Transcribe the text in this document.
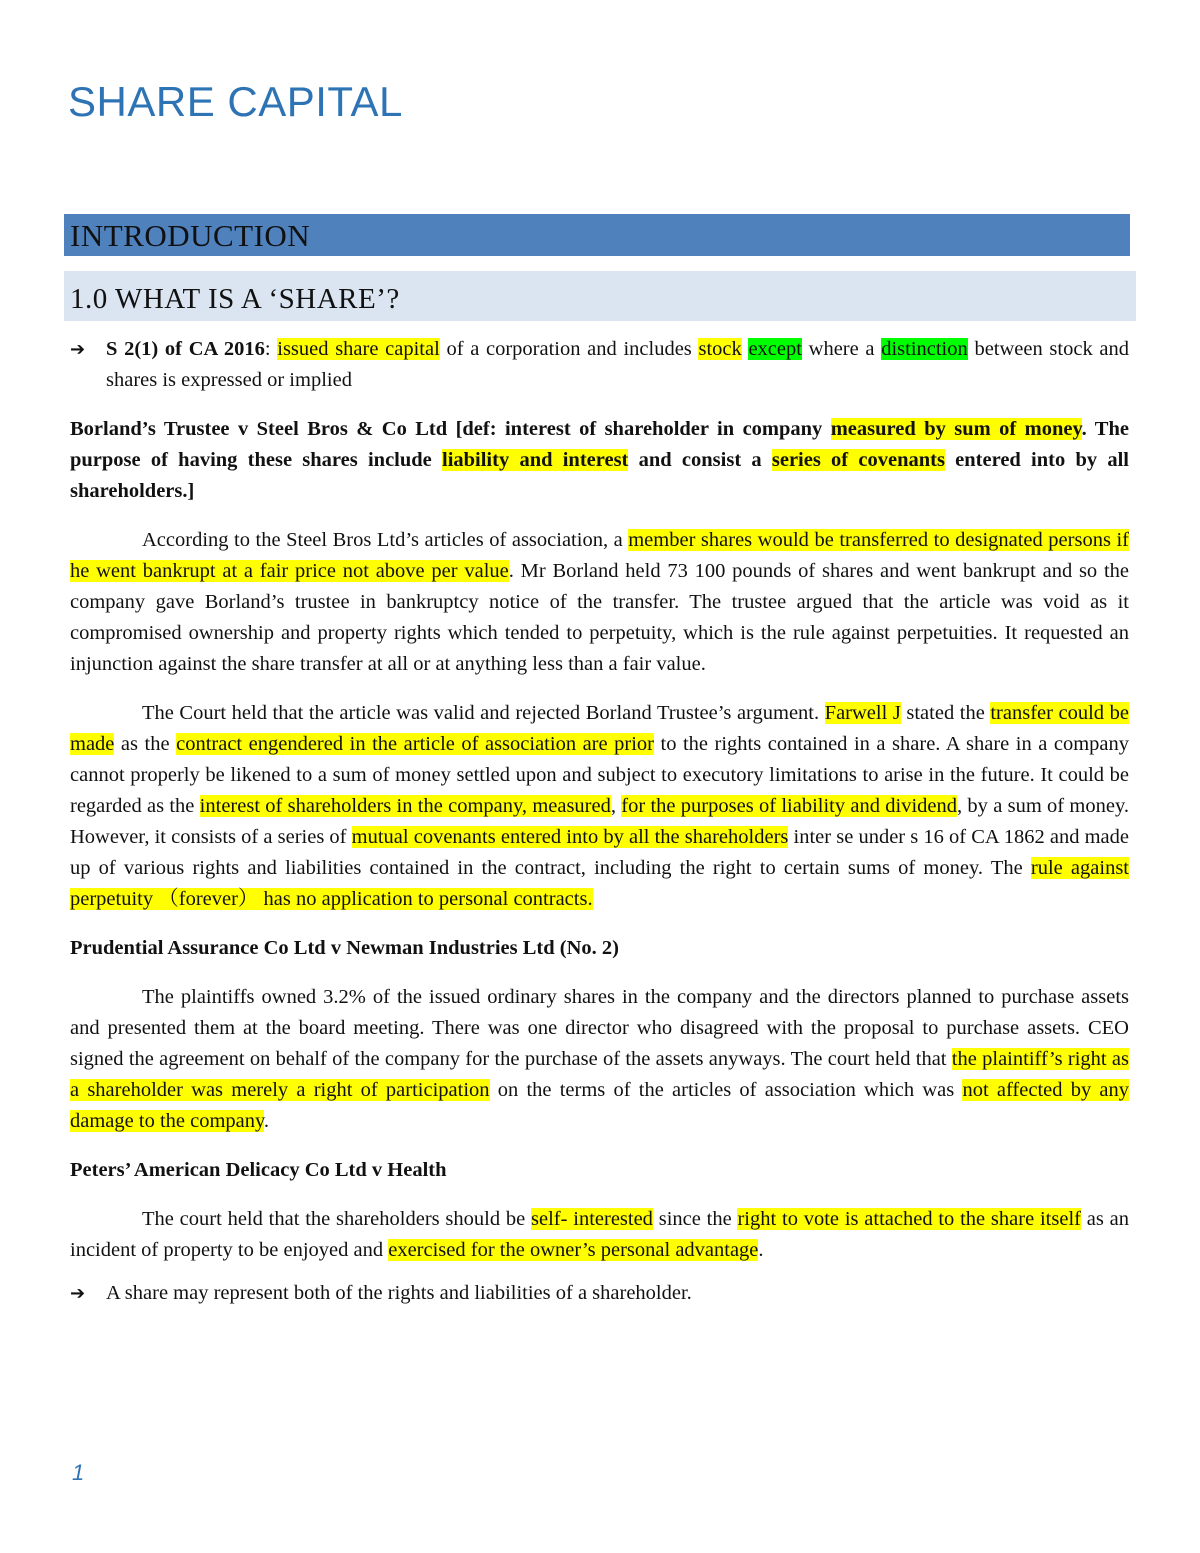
SHARE CAPITAL
INTRODUCTION
1.0 WHAT IS A ‘SHARE’?
➔	S 2(1) of CA 2016: issued share capital of a corporation and includes stock except where a distinction between stock and shares is expressed or implied

Borland’s Trustee v Steel Bros & Co Ltd [def: interest of shareholder in company measured by sum of money. The purpose of having these shares include liability and interest and consist a series of covenants entered into by all shareholders.]

According to the Steel Bros Ltd’s articles of association, a member shares would be transferred to designated persons if he went bankrupt at a fair price not above per value. Mr Borland held 73 100 pounds of shares and went bankrupt and so the company gave Borland’s trustee in bankruptcy notice of the transfer. The trustee argued that the article was void as it compromised ownership and property rights which tended to perpetuity, which is the rule against perpetuities. It requested an injunction against the share transfer at all or at anything less than a fair value.

The Court held that the article was valid and rejected Borland Trustee’s argument. Farwell J stated the transfer could be made as the contract engendered in the article of association are prior to the rights contained in a share. A share in a company cannot properly be likened to a sum of money settled upon and subject to executory limitations to arise in the future. It could be regarded as the interest of shareholders in the company, measured, for the purposes of liability and dividend, by a sum of money. However, it consists of a series of mutual covenants entered into by all the shareholders inter se under s 16 of CA 1862 and made up of various rights and liabilities contained in the contract, including the right to certain sums of money. The rule against perpetuity （forever） has no application to personal contracts.

Prudential Assurance Co Ltd v Newman Industries Ltd (No. 2)

The plaintiffs owned 3.2% of the issued ordinary shares in the company and the directors planned to purchase assets and presented them at the board meeting. There was one director who disagreed with the proposal to purchase assets. CEO signed the agreement on behalf of the company for the purchase of the assets anyways. The court held that the plaintiff’s right as a shareholder was merely a right of participation on the terms of the articles of association which was not affected by any damage to the company.

Peters’ American Delicacy Co Ltd v Health

The court held that the shareholders should be self- interested since the right to vote is attached to the share itself as an incident of property to be enjoyed and exercised for the owner’s personal advantage.

➔	A share may represent both of the rights and liabilities of a shareholder.
1
